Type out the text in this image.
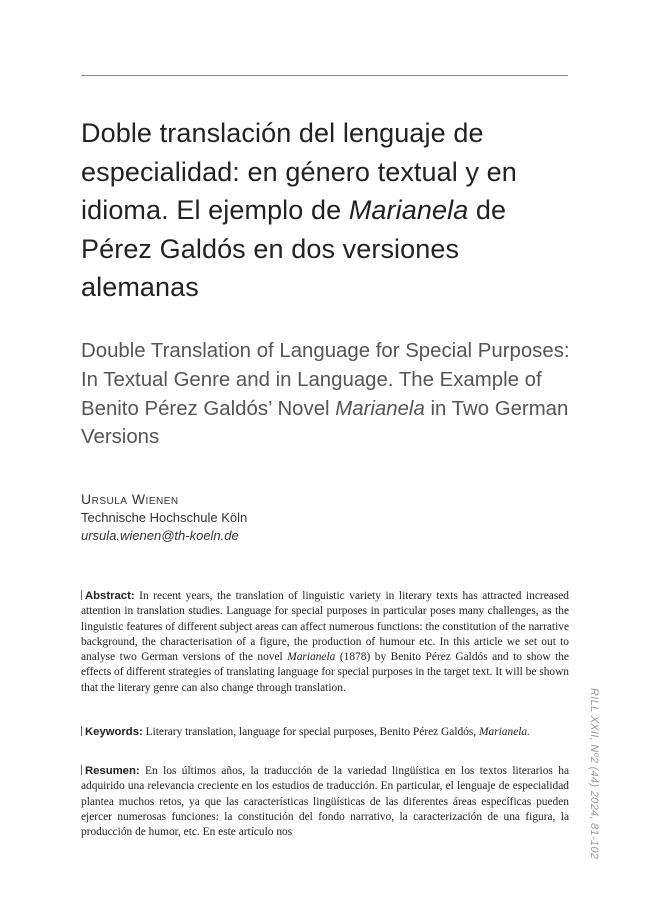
Doble translación del lenguaje de especialidad: en género textual y en idioma. El ejemplo de Marianela de Pérez Galdós en dos versiones alemanas
Double Translation of Language for Special Purposes: In Textual Genre and in Language. The Example of Benito Pérez Galdós’ Novel Marianela in Two German Versions
Ursula Wienen
Technische Hochschule Köln
ursula.wienen@th-koeln.de

Abstract: In recent years, the translation of linguistic variety in literary texts has attracted increased attention in translation studies. Language for special purposes in particular poses many challenges, as the linguistic features of different subject areas can affect numerous functions: the constitution of the narrative background, the characterisation of a figure, the production of humour etc. In this article we set out to analyse two German versions of the novel Marianela (1878) by Benito Pérez Galdós and to show the effects of different strategies of translating language for special purposes in the target text. It will be shown that the literary genre can also change through translation.

Keywords: Literary translation, language for special purposes, Benito Pérez Galdós, Marianela.

Resumen: En los últimos años, la traducción de la variedad lingüística en los textos literarios ha adquirido una relevancia creciente en los estudios de traducción. En particular, el lenguaje de especialidad plantea muchos retos, ya que las características lingüísticas de las diferentes áreas específicas pueden ejercer numerosas funciones: la constitución del fondo narrativo, la caracterización de una figura, la producción de humor, etc. En este artículo nos	RILL XXII, Nº2 (44) 2024, 81-102
